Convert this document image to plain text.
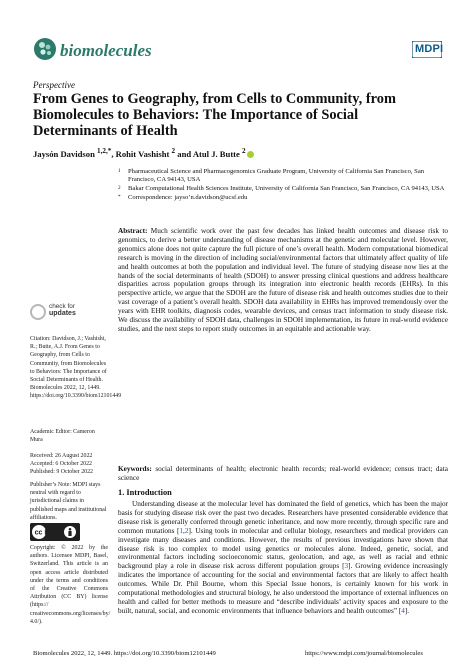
biomolecules	MDPI
Perspective
From Genes to Geography, from Cells to Community, from Biomolecules to Behaviors: The Importance of Social Determinants of Health
Jaysón Davidson $^{1,2,*}$, Rohit Vashisht $^2$ and Atul J. Butte $^2$
1	Pharmaceutical Science and Pharmacogenomics Graduate Program, University of California San Francisco, San Francisco, CA 94143, USA
2	Bakar Computational Health Sciences Institute, University of California San Francisco, San Francisco, CA 94143, USA
*	Correspondence: jayso’n.davidson@ucsf.edu
Abstract: Much scientific work over the past few decades has linked health outcomes and disease risk to genomics, to derive a better understanding of disease mechanisms at the genetic and molecular level. However, genomics alone does not quite capture the full picture of one’s overall health. Modern computational biomedical research is moving in the direction of including social/environmental factors that ultimately affect quality of life and health outcomes at both the population and individual level. The future of studying disease now lies at the hands of the social determinants of health (SDOH) to answer pressing clinical questions and address healthcare disparities across population groups through its integration into electronic health records (EHRs). In this perspective article, we argue that the SDOH are the future of disease risk and health outcomes studies due to their vast coverage of a patient’s overall health. SDOH data availability in EHRs has improved tremendously over the years with EHR toolkits, diagnosis codes, wearable devices, and census tract information to study disease risk. We discuss the availability of SDOH data, challenges in SDOH implementation, its future in real-world evidence studies, and the next steps to report study outcomes in an equitable and actionable way.
Keywords: social determinants of health; electronic health records; real-world evidence; census tract; data science
1. Introduction
Understanding disease at the molecular level has dominated the field of genetics, which has been the major basis for studying disease risk over the past two decades. Researchers have presented considerable evidence that disease risk is generally conferred through genetic inheritance, and now more recently, through specific rare and common mutations [1,2]. Using tools in molecular and cellular biology, researchers and medical providers can investigate many diseases and conditions. However, the results of previous investigations have shown that disease risk is too complex to model using genetics or molecules alone. Indeed, genetic, social, and environmental factors including socioeconomic status, geolocation, and age, as well as racial and ethnic background play a role in disease risk across different population groups [3]. Growing evidence increasingly indicates the importance of accounting for the social and environmental factors that are likely to affect health outcomes. While Dr. Phil Bourne, whom this Special Issue honors, is certainly known for his work in computational methodologies and structural biology, he also understood the importance of external influences on health and called for better methods to measure and “describe individuals’ activity spaces and exposure to the built, natural, social, and economic environments that influence behaviors and health outcomes” [4].
check for
updates
Citation: Davidson, J.; Vashisht, R.; Butte, A.J. From Genes to Geography, from Cells to Community, from Biomolecules to Behaviors: The Importance of Social Determinants of Health. Biomolecules 2022, 12, 1449. https://doi.org/10.3390/biom12101449
Academic Editor: Cameron Mura
Received: 26 August 2022
Accepted: 6 October 2022
Published: 9 October 2022
Publisher’s Note: MDPI stays neutral with regard to jurisdictional claims in published maps and institutional affiliations.
cc BY
Copyright: © 2022 by the authors. Licensee MDPI, Basel, Switzerland. This article is an open access article distributed under the terms and conditions of the Creative Commons Attribution (CC BY) license (https:// creativecommons.org/licenses/by/ 4.0/).
Biomolecules 2022, 12, 1449. https://doi.org/10.3390/biom12101449	https://www.mdpi.com/journal/biomolecules
